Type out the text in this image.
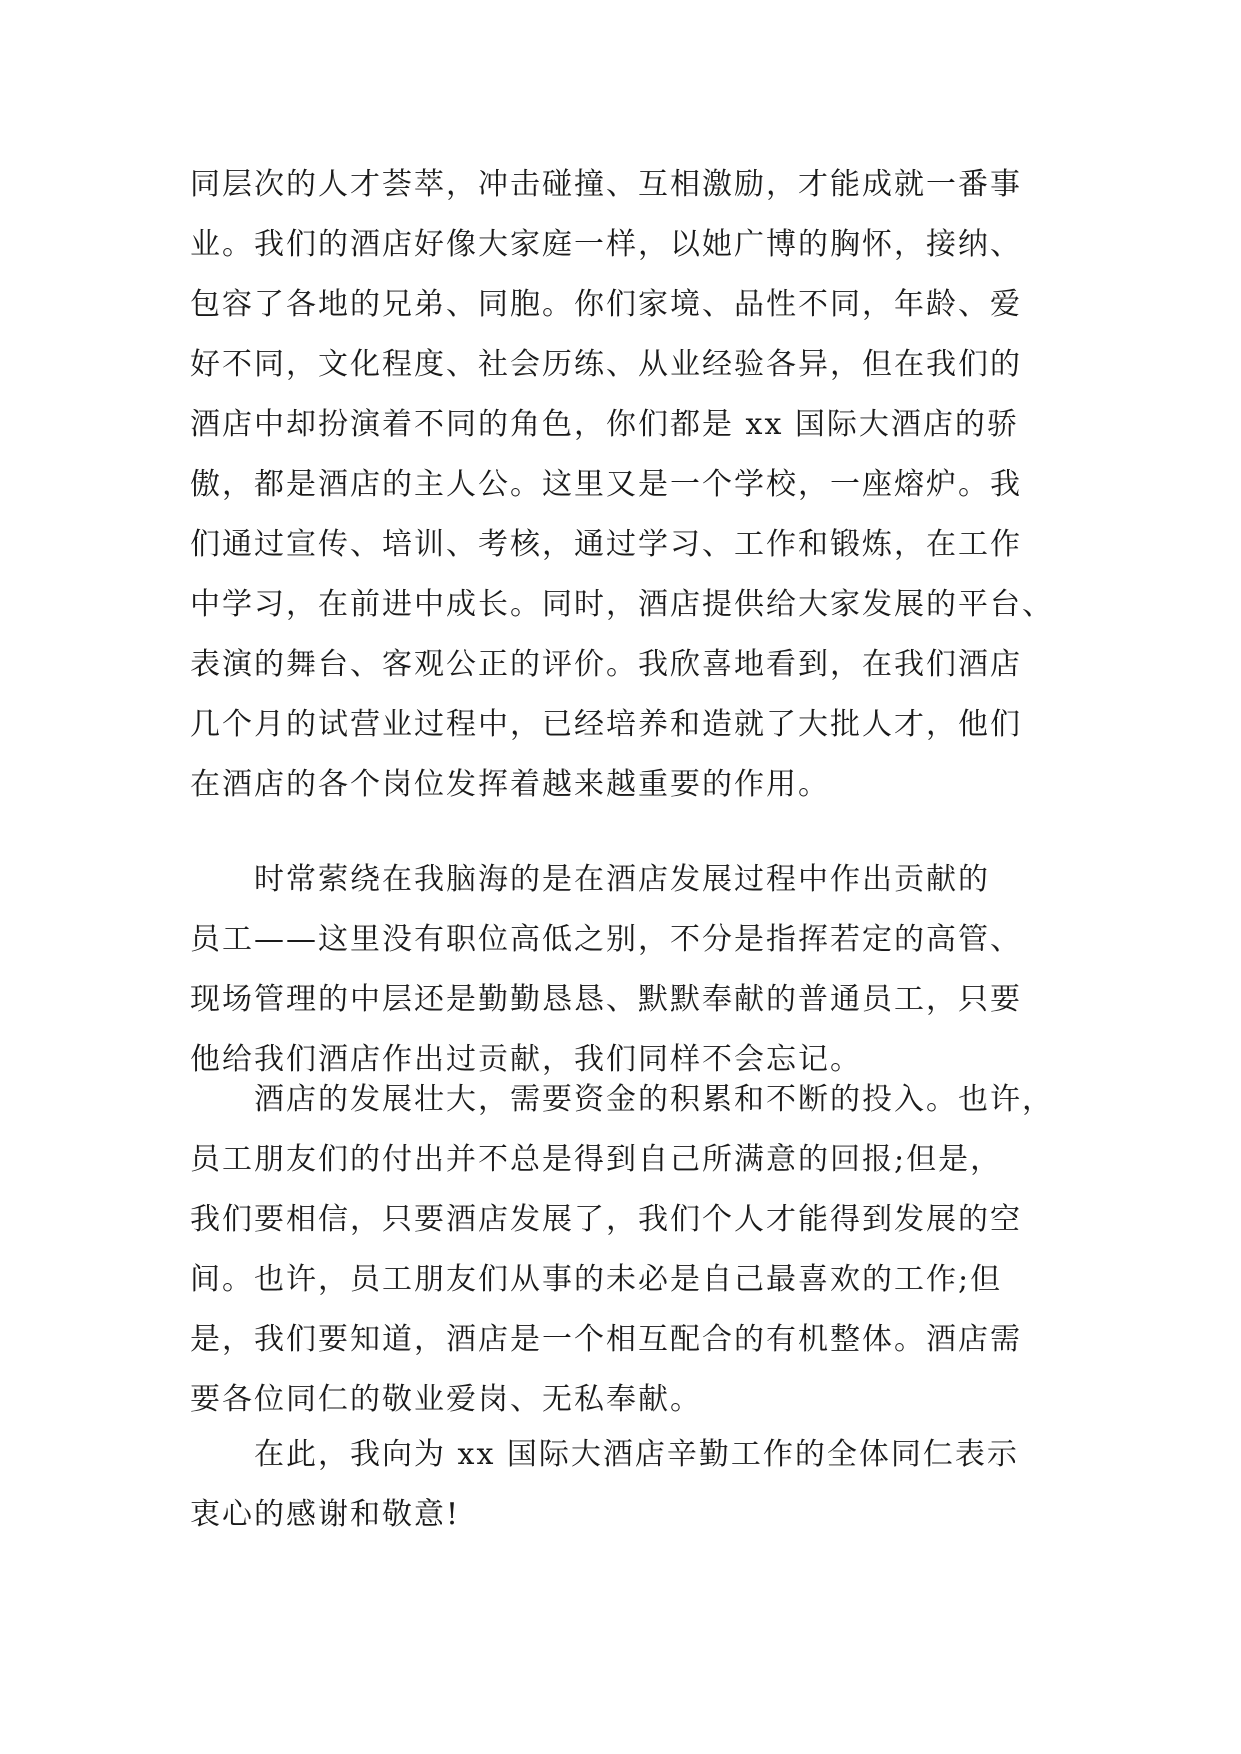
同层次的人才荟萃，冲击碰撞、互相激励，才能成就一番事
业。我们的酒店好像大家庭一样，以她广博的胸怀，接纳、
包容了各地的兄弟、同胞。你们家境、品性不同，年龄、爱
好不同，文化程度、社会历练、从业经验各异，但在我们的
酒店中却扮演着不同的角色，你们都是 xx 国际大酒店的骄
傲，都是酒店的主人公。这里又是一个学校，一座熔炉。我
们通过宣传、培训、考核，通过学习、工作和锻炼，在工作
中学习，在前进中成长。同时，酒店提供给大家发展的平台、
表演的舞台、客观公正的评价。我欣喜地看到，在我们酒店
几个月的试营业过程中，已经培养和造就了大批人才，他们
在酒店的各个岗位发挥着越来越重要的作用。
　　时常萦绕在我脑海的是在酒店发展过程中作出贡献的
员工——这里没有职位高低之别，不分是指挥若定的高管、
现场管理的中层还是勤勤恳恳、默默奉献的普通员工，只要
他给我们酒店作出过贡献，我们同样不会忘记。
　　酒店的发展壮大，需要资金的积累和不断的投入。也许，
员工朋友们的付出并不总是得到自己所满意的回报;但是，
我们要相信，只要酒店发展了，我们个人才能得到发展的空
间。也许，员工朋友们从事的未必是自己最喜欢的工作;但
是，我们要知道，酒店是一个相互配合的有机整体。酒店需
要各位同仁的敬业爱岗、无私奉献。
　　在此，我向为 xx 国际大酒店辛勤工作的全体同仁表示
衷心的感谢和敬意!
